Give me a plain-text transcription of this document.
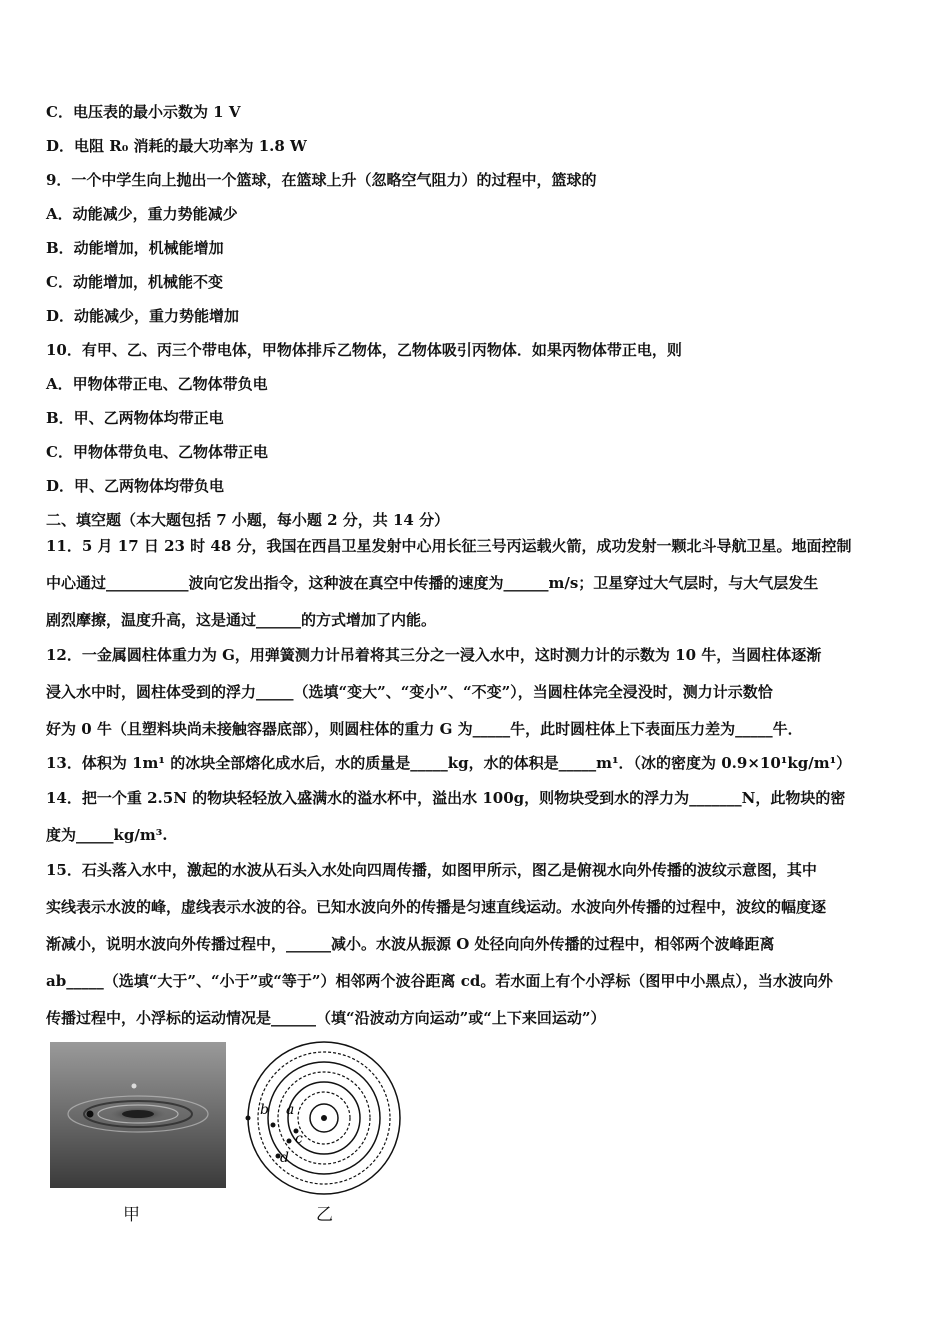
C．电压表的最小示数为 1 V
D．电阻 R₀ 消耗的最大功率为 1.8 W
9．一个中学生向上抛出一个篮球，在篮球上升（忽略空气阻力）的过程中，篮球的
A．动能减少，重力势能减少
B．动能增加，机械能增加
C．动能增加，机械能不变
D．动能减少，重力势能增加
10．有甲、乙、丙三个带电体，甲物体排斥乙物体，乙物体吸引丙物体．如果丙物体带正电，则
A．甲物体带正电、乙物体带负电
B．甲、乙两物体均带正电
C．甲物体带负电、乙物体带正电
D．甲、乙两物体均带负电
二、填空题（本大题包括 7 小题，每小题 2 分，共 14 分）
11．5 月 17 日 23 时 48 分，我国在西昌卫星发射中心用长征三号丙运载火箭，成功发射一颗北斗导航卫星。地面控制
中心通过___________波向它发出指令，这种波在真空中传播的速度为______m/s；卫星穿过大气层时，与大气层发生
剧烈摩擦，温度升高，这是通过______的方式增加了内能。
12．一金属圆柱体重力为 G，用弹簧测力计吊着将其三分之一浸入水中，这时测力计的示数为 10 牛，当圆柱体逐渐
浸入水中时，圆柱体受到的浮力_____（选填“变大”、“变小”、“不变”），当圆柱体完全浸没时，测力计示数恰
好为 0 牛（且塑料块尚未接触容器底部），则圆柱体的重力 G 为_____牛，此时圆柱体上下表面压力差为_____牛．
13．体积为 1m¹ 的冰块全部熔化成水后，水的质量是_____kg，水的体积是_____m¹．（冰的密度为 0.9×10¹kg/m¹）
14．把一个重 2.5N 的物块轻轻放入盛满水的溢水杯中，溢出水 100g，则物块受到水的浮力为_______N，此物块的密
度为_____kg/m³.
15．石头落入水中，激起的水波从石头入水处向四周传播，如图甲所示，图乙是俯视水向外传播的波纹示意图，其中
实线表示水波的峰，虚线表示水波的谷。已知水波向外的传播是匀速直线运动。水波向外传播的过程中，波纹的幅度逐
渐减小，说明水波向外传播过程中，______减小。水波从振源 O 处径向向外传播的过程中，相邻两个波峰距离
ab_____（选填“大于”、“小于”或“等于”）相邻两个波谷距离 cd。若水面上有个小浮标（图甲中小黑点），当水波向外
传播过程中，小浮标的运动情况是______（填“沿波动方向运动”或“上下来回运动”）
甲
b a
c
d
乙
